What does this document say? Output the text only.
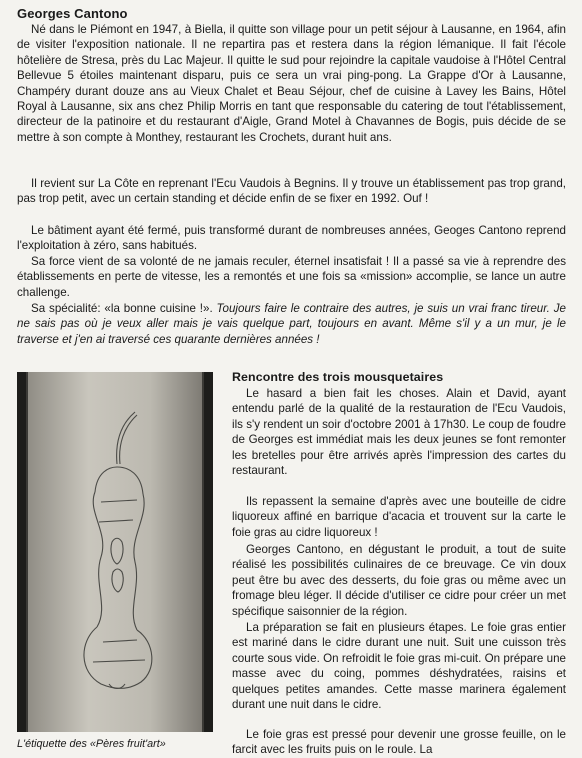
Georges Cantono

Né dans le Piémont en 1947, à Biella, il quitte son village pour un petit séjour à Lausanne, en 1964, afin de visiter l'exposition nationale. Il ne repartira pas et restera dans la région lémanique. Il fait l'école hôtelière de Stresa, près du Lac Majeur. Il quitte le sud pour rejoindre la capitale vaudoise à l'Hôtel Central Bellevue 5 étoiles maintenant disparu, puis ce sera un vrai ping-pong. La Grappe d'Or à Lausanne, Champéry durant douze ans au Vieux Chalet et Beau Séjour, chef de cuisine à Lavey les Bains, Hôtel Royal à Lausanne, six ans chez Philip Morris en tant que responsable du catering de tout l'établissement, directeur de la patinoire et du restaurant d'Aigle, Grand Motel à Chavannes de Bogis, puis décide de se mettre à son compte à Monthey, restaurant les Crochets, durant huit ans.

Il revient sur La Côte en reprenant l'Ecu Vaudois à Begnins. Il y trouve un établissement pas trop grand, pas trop petit, avec un certain standing et décide enfin de se fixer en 1992. Ouf !

Le bâtiment ayant été fermé, puis transformé durant de nombreuses années, Geoges Cantono reprend l'exploitation à zéro, sans habitués.

Sa force vient de sa volonté de ne jamais reculer, éternel insatisfait ! Il a passé sa vie à reprendre des établissements en perte de vitesse, les a remontés et une fois sa «mission» accomplie, se lance un autre challenge.

Sa spécialité: «la bonne cuisine !». Toujours faire le contraire des autres, je suis un vrai franc tireur. Je ne sais pas où je veux aller mais je vais quelque part, toujours en avant. Même s'il y a un mur, je le traverse et j'en ai traversé ces quarante dernières années !

L'étiquette des «Pères fruit'art»
Rencontre des trois mousquetaires

Le hasard a bien fait les choses. Alain et David, ayant entendu parlé de la qualité de la restauration de l'Ecu Vaudois, ils s'y rendent un soir d'octobre 2001 à 17h30. Le coup de foudre de Georges est immédiat mais les deux jeunes se font remonter les bretelles pour être arrivés après l'impression des cartes du restaurant.

Ils repassent la semaine d'après avec une bouteille de cidre liquoreux affiné en barrique d'acacia et trouvent sur la carte le foie gras au cidre liquoreux !

Georges Cantono, en dégustant le produit, a tout de suite réalisé les possibilités culinaires de ce breuvage. Ce vin doux peut être bu avec des desserts, du foie gras ou même avec un fromage bleu léger. Il décide d'utiliser ce cidre pour créer un met spécifique saisonnier de la région.

La préparation se fait en plusieurs étapes. Le foie gras entier est mariné dans le cidre durant une nuit. Suit une cuisson très courte sous vide. On refroidit le foie gras mi-cuit. On prépare une masse avec du coing, pommes déshydratées, raisins et quelques petites amandes. Cette masse marinera également durant une nuit dans le cidre.

Le foie gras est pressé pour devenir une grosse feuille, on le farcit avec les fruits puis on le roule. La
